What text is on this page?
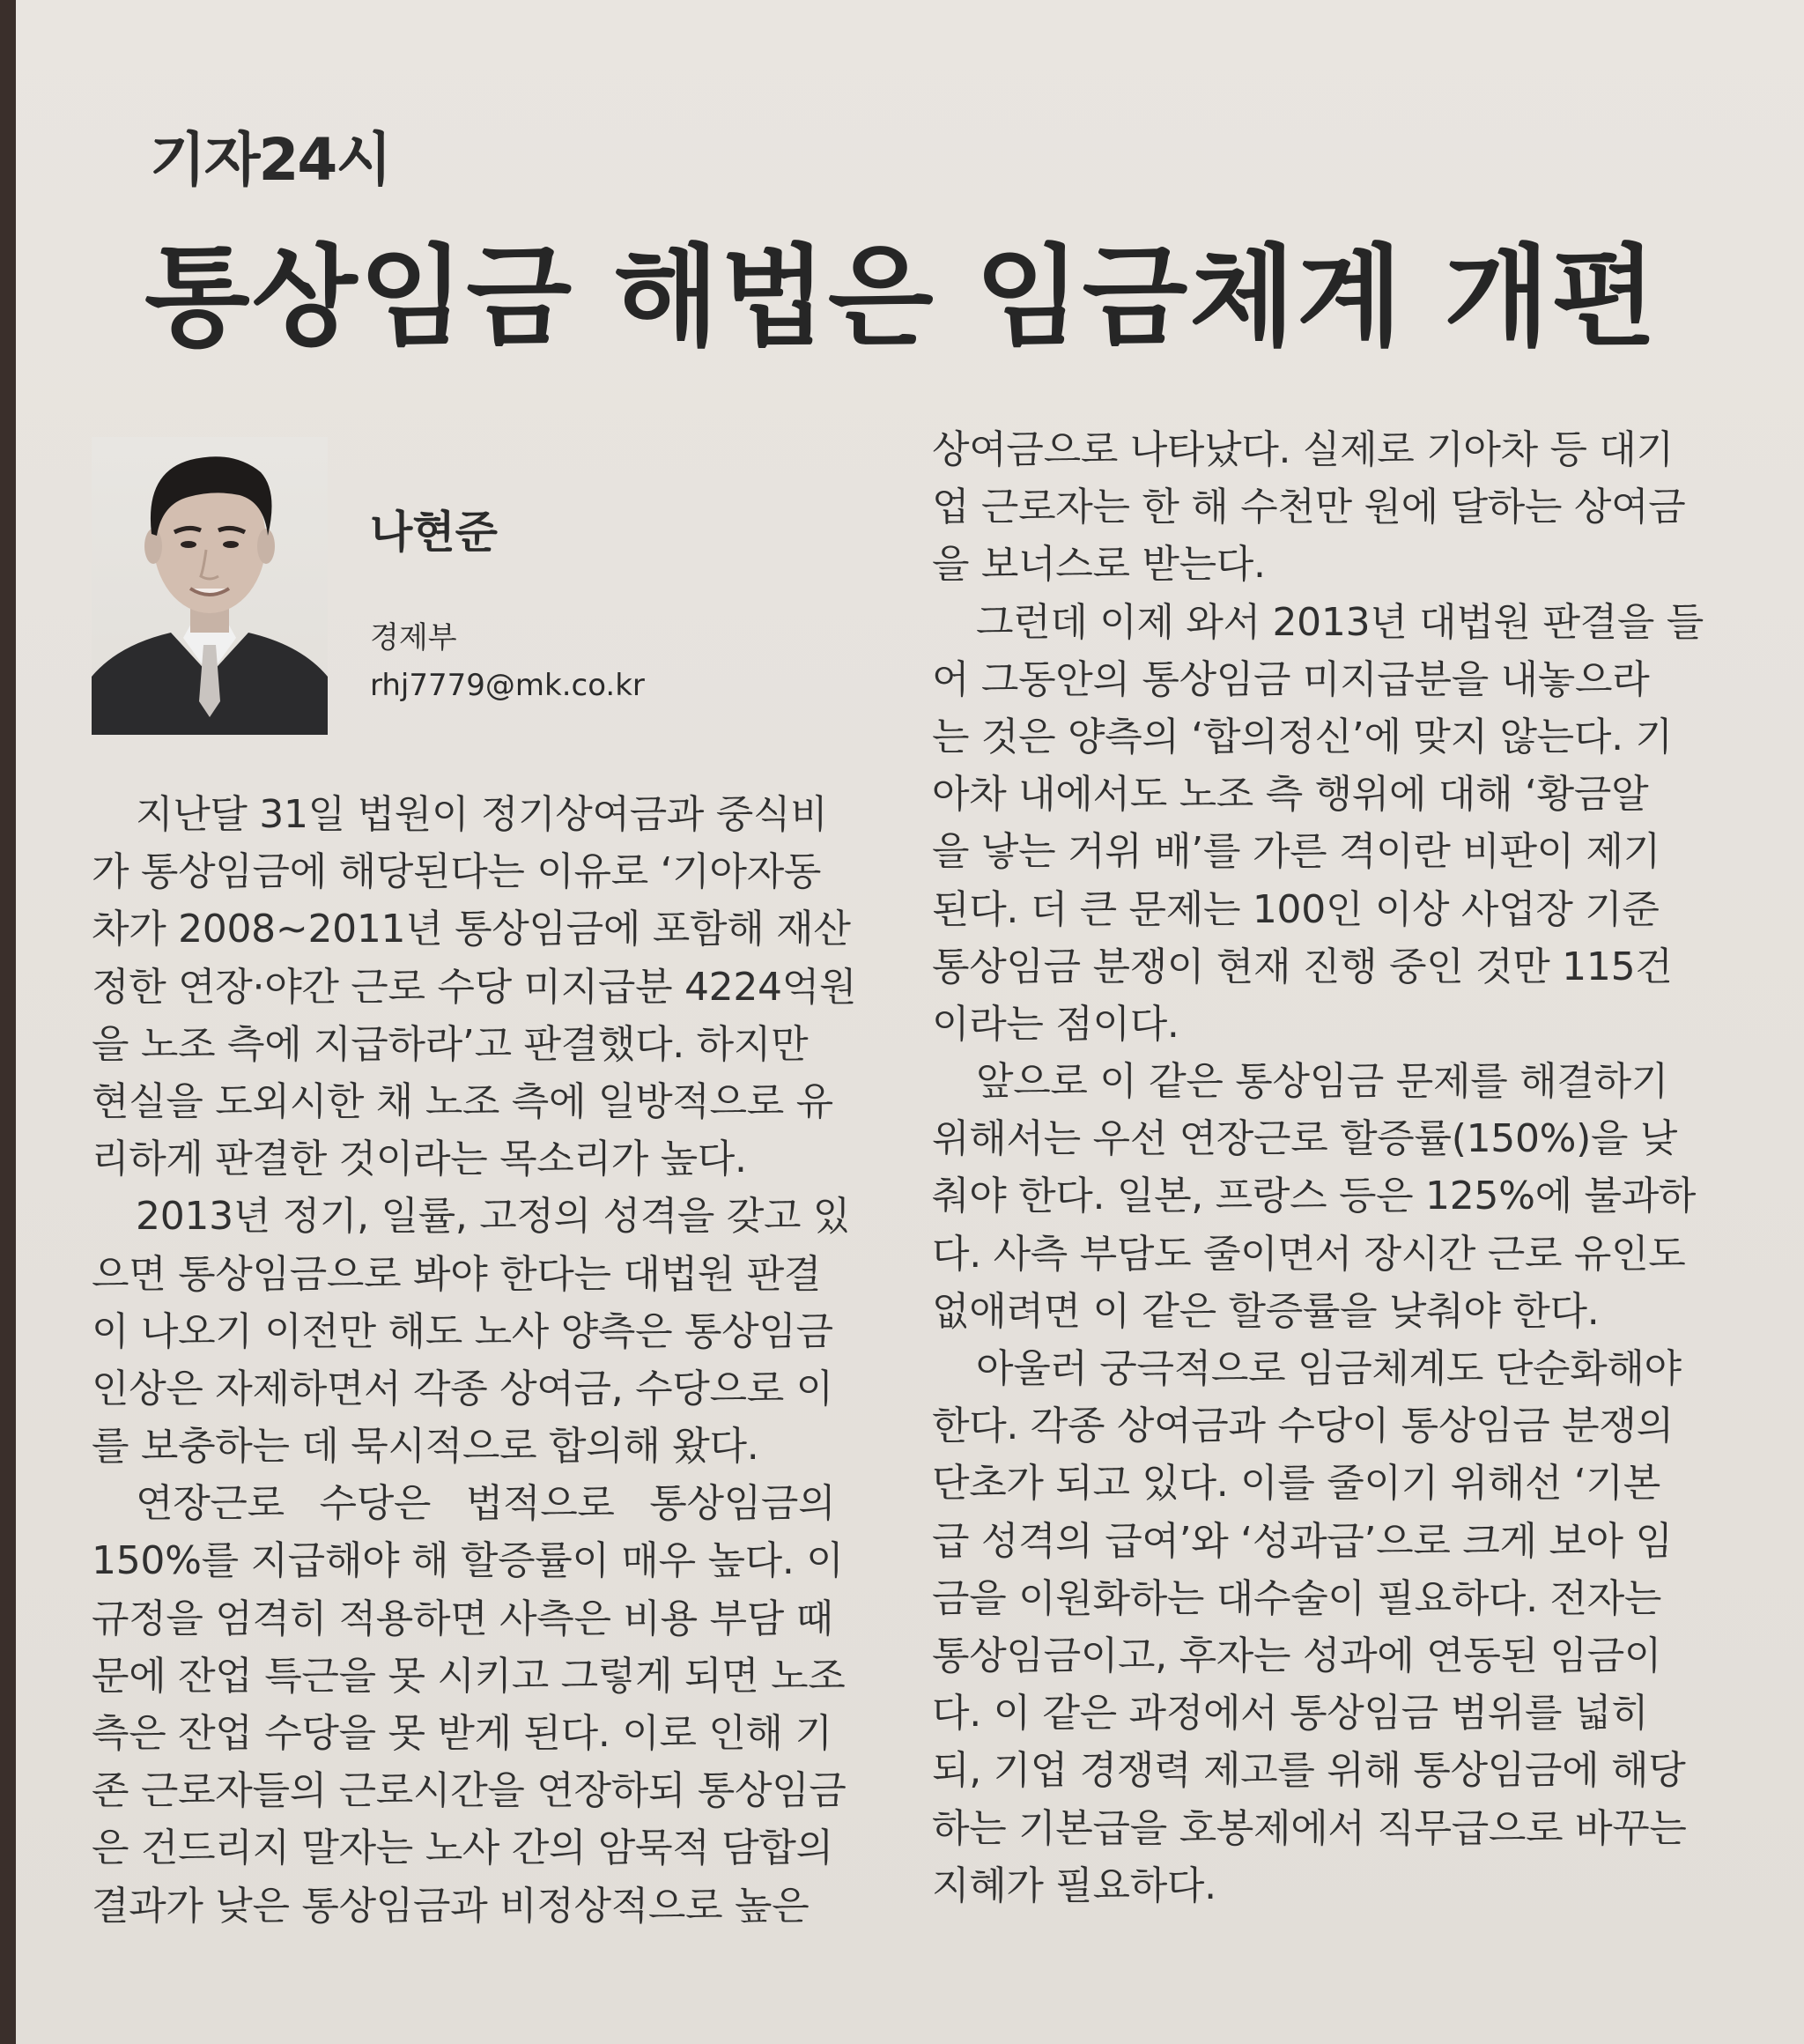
기자24시
통상임금 해법은 임금체계 개편
나현준
경제부
rhj7779@mk.co.kr
지난달 31일 법원이 정기상여금과 중식비
가 통상임금에 해당된다는 이유로 ‘기아자동
차가 2008~2011년 통상임금에 포함해 재산
정한 연장·야간 근로 수당 미지급분 4224억원
을 노조 측에 지급하라’고 판결했다. 하지만
현실을 도외시한 채 노조 측에 일방적으로 유
리하게 판결한 것이라는 목소리가 높다.
2013년 정기, 일률, 고정의 성격을 갖고 있
으면 통상임금으로 봐야 한다는 대법원 판결
이 나오기 이전만 해도 노사 양측은 통상임금
인상은 자제하면서 각종 상여금, 수당으로 이
를 보충하는 데 묵시적으로 합의해 왔다.
연장근로 수당은 법적으로 통상임금의
150%를 지급해야 해 할증률이 매우 높다. 이
규정을 엄격히 적용하면 사측은 비용 부담 때
문에 잔업 특근을 못 시키고 그렇게 되면 노조
측은 잔업 수당을 못 받게 된다. 이로 인해 기
존 근로자들의 근로시간을 연장하되 통상임금
은 건드리지 말자는 노사 간의 암묵적 담합의
결과가 낮은 통상임금과 비정상적으로 높은
상여금으로 나타났다. 실제로 기아차 등 대기
업 근로자는 한 해 수천만 원에 달하는 상여금
을 보너스로 받는다.
그런데 이제 와서 2013년 대법원 판결을 들
어 그동안의 통상임금 미지급분을 내놓으라
는 것은 양측의 ‘합의정신’에 맞지 않는다. 기
아차 내에서도 노조 측 행위에 대해 ‘황금알
을 낳는 거위 배’를 가른 격이란 비판이 제기
된다. 더 큰 문제는 100인 이상 사업장 기준
통상임금 분쟁이 현재 진행 중인 것만 115건
이라는 점이다.
앞으로 이 같은 통상임금 문제를 해결하기
위해서는 우선 연장근로 할증률(150%)을 낮
춰야 한다. 일본, 프랑스 등은 125%에 불과하
다. 사측 부담도 줄이면서 장시간 근로 유인도
없애려면 이 같은 할증률을 낮춰야 한다.
아울러 궁극적으로 임금체계도 단순화해야
한다. 각종 상여금과 수당이 통상임금 분쟁의
단초가 되고 있다. 이를 줄이기 위해선 ‘기본
급 성격의 급여’와 ‘성과급’으로 크게 보아 임
금을 이원화하는 대수술이 필요하다. 전자는
통상임금이고, 후자는 성과에 연동된 임금이
다. 이 같은 과정에서 통상임금 범위를 넓히
되, 기업 경쟁력 제고를 위해 통상임금에 해당
하는 기본급을 호봉제에서 직무급으로 바꾸는
지혜가 필요하다.
